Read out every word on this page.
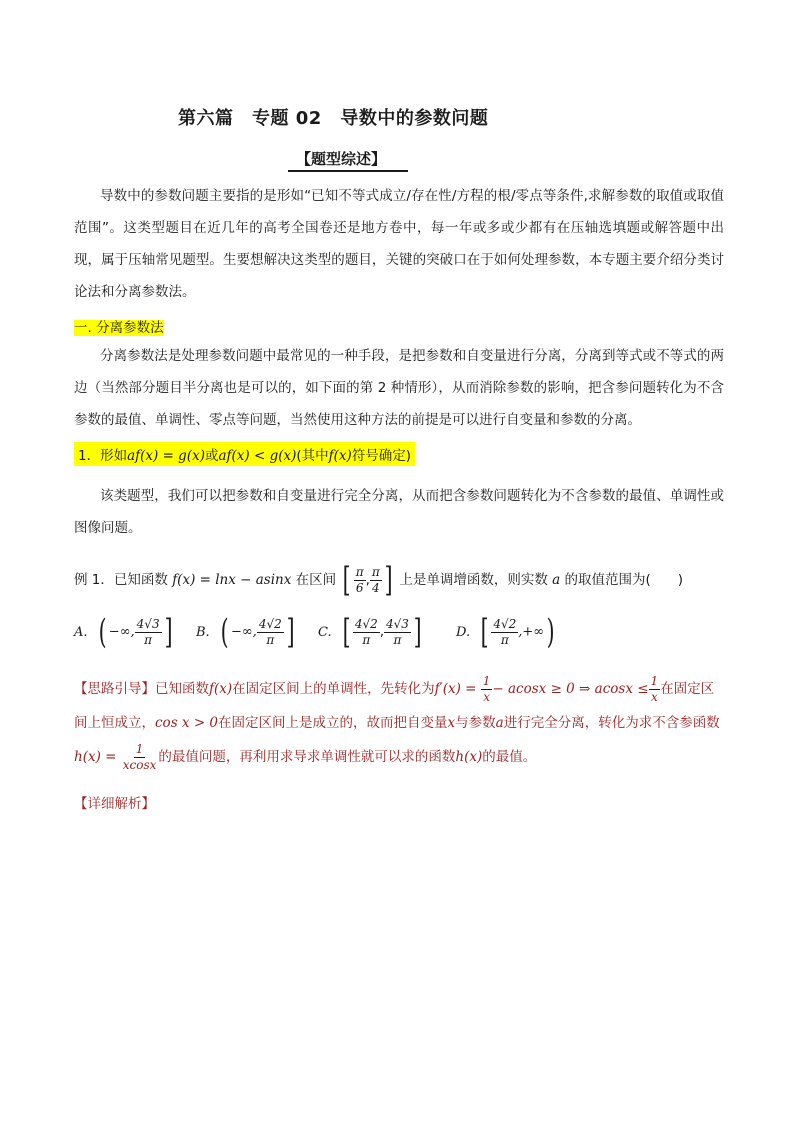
第六篇　专题 02　导数中的参数问题
【题型综述】
导数中的参数问题主要指的是形如“已知不等式成立/存在性/方程的根/零点等条件,求解参数的取值或取值范围”。这类型题目在近几年的高考全国卷还是地方卷中，每一年或多或少都有在压轴选填题或解答题中出现，属于压轴常见题型。生要想解决这类型的题目，关键的突破口在于如何处理参数，本专题主要介绍分类讨论法和分离参数法。
一. 分离参数法
分离参数法是处理参数问题中最常见的一种手段，是把参数和自变量进行分离，分离到等式或不等式的两边（当然部分题目半分离也是可以的，如下面的第 2 种情形），从而消除参数的影响，把含参问题转化为不含参数的最值、单调性、零点等问题，当然使用这种方法的前提是可以进行自变量和参数的分离。
1．形如af(x) = g(x)或af(x) < g(x)(其中f(x)符号确定)
该类题型，我们可以把参数和自变量进行完全分离，从而把含参数问题转化为不含参数的最值、单调性或图像问题。
例 1．已知函数 f(x) = lnx − asinx 在区间 [ $\frac{\pi}{6}$ , $\frac{\pi}{4}$ ] 上是单调增函数，则实数 a 的取值范围为(　　)
A. ( −∞, $\frac{4√3}{\pi}$ ] B. ( −∞, $\frac{4√2}{\pi}$ ] C. [ $\frac{4√2}{\pi}$ , $\frac{4√3}{\pi}$ ]	D. [ $\frac{4√2}{\pi}$ ,+∞)
【思路引导】已知函数f(x)在固定区间上的单调性，先转化为$f'(x) = \frac{1}{x} - acosx \ge 0$ ⇒ $acosx \le \frac{1}{x}$ 在固定区间上恒成立，cos x > 0在固定区间上是成立的，故而把自变量x与参数a进行完全分离，转化为求不含参函数$h(x) = \frac{1}{xcosx}$ 的最值问题，再利用求导求单调性就可以求的函数h(x)的最值。
【详细解析】
